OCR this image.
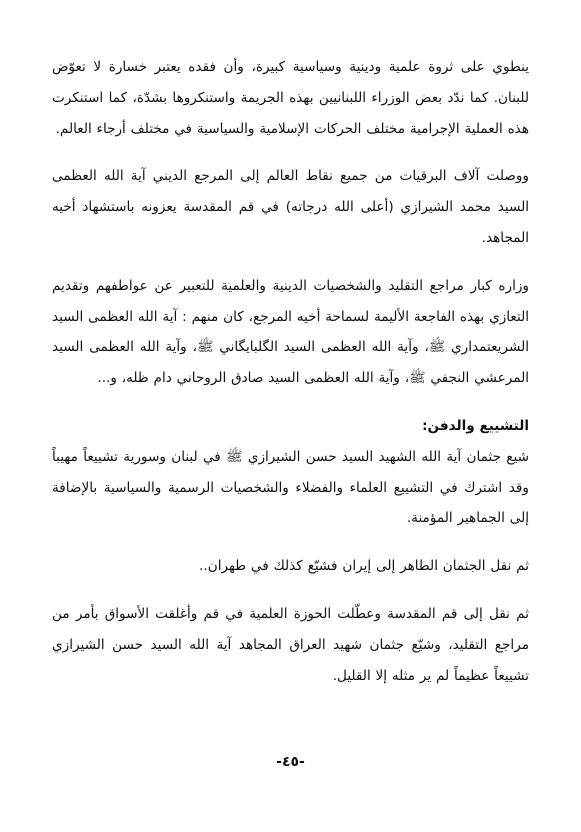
ينطوي على ثروة علمية ودينية وسياسية كبيرة، وأن فقده يعتبر خسارة لا تعوّض للبنان. كما ندّد بعض الوزراء اللبنانيين بهذه الجريمة واستنكروها بشدّة، كما استنكرت هذه العملية الإجرامية مختلف الحركات الإسلامية والسياسية في مختلف أرجاء العالم.

ووصلت آلاف البرقيات من جميع نقاط العالم إلى المرجع الديني آية الله العظمى السيد محمد الشيرازي (أعلى الله درجاته) في قم المقدسة يعزونه باستشهاد أخيه المجاهد.

وزاره كبار مراجع التقليد والشخصيات الدينية والعلمية للتعبير عن عواطفهم وتقديم التعازي بهذه الفاجعة الأليمة لسماحة أخيه المرجع، كان منهم : آية الله العظمى السيد الشريعتمداري ﷺ، وآية الله العظمى السيد الگلبايگاني ﷺ، وآية الله العظمى السيد المرعشي النجفي ﷺ، وآية الله العظمى السيد صادق الروحاني دام ظله، و...

التشييع والدفن:

شيع جثمان آية الله الشهيد السيد حسن الشيرازي ﷺ في لبنان وسورية تشييعاً مهيباً وقد اشترك في التشييع العلماء والفضلاء والشخصيات الرسمية والسياسية بالإضافة إلى الجماهير المؤمنة.

ثم نقل الجثمان الطاهر إلى إيران فشيّع كذلك في طهران..

ثم نقل إلى قم المقدسة وعطّلت الحوزة العلمية في قم وأغلقت الأسواق بأمر من مراجع التقليد، وشيّع جثمان شهيد العراق المجاهد آية الله السيد حسن الشيرازي تشييعاً عظيماً لم ير مثله إلا القليل.

-٤٥-
